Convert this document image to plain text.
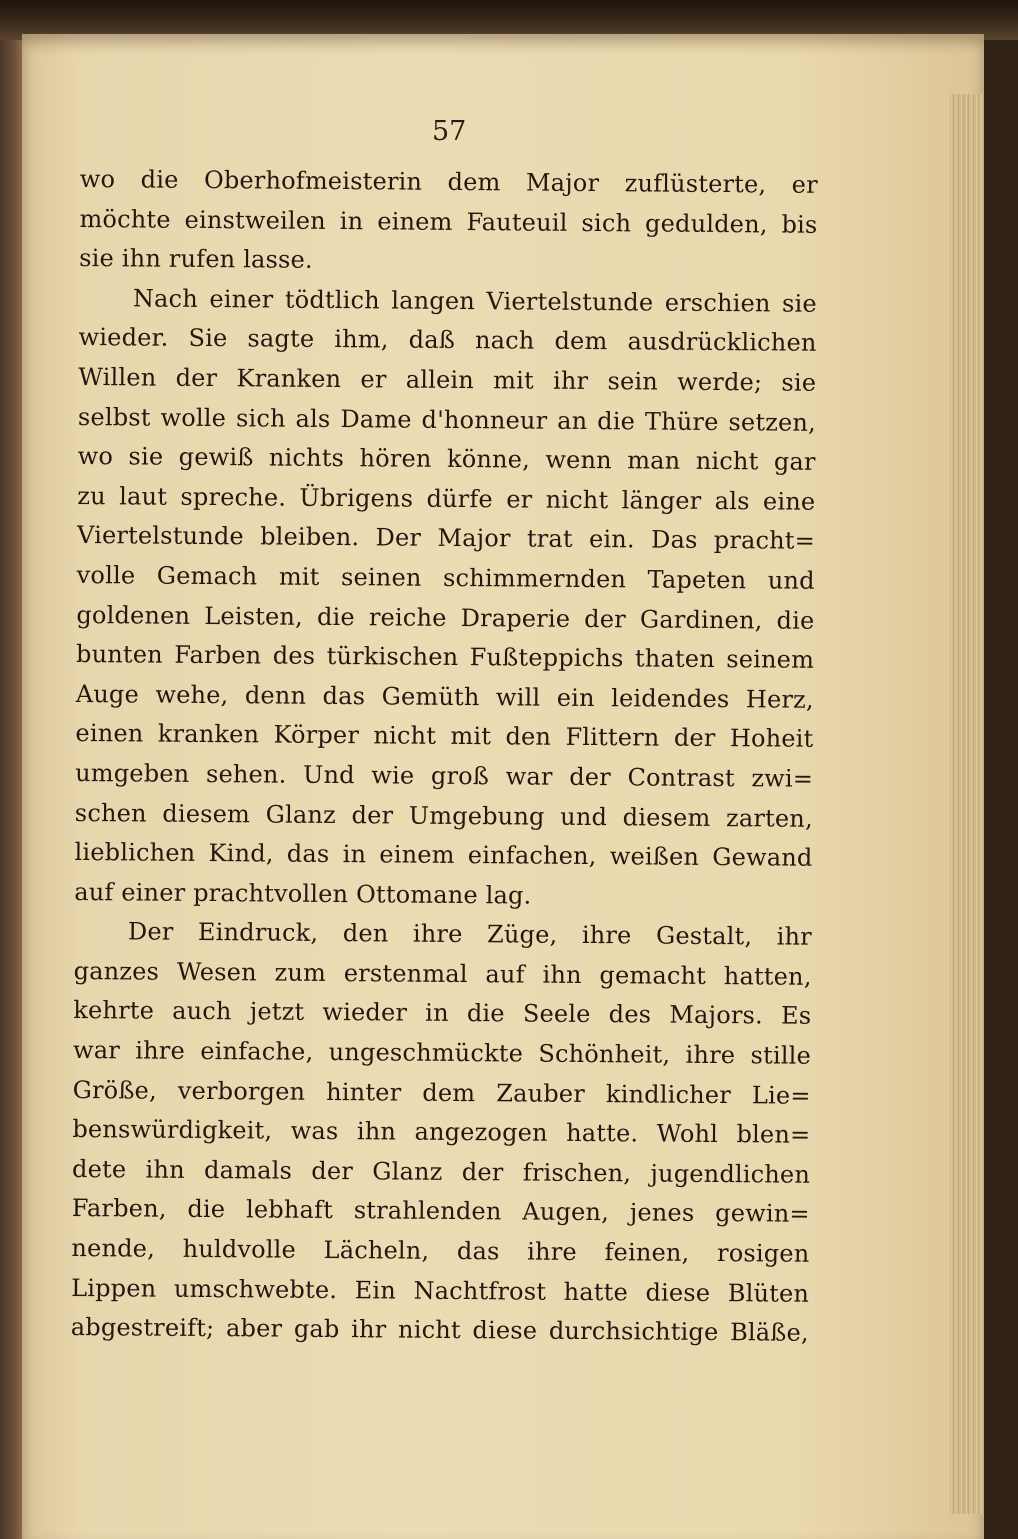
57
wo die Oberhofmeisterin dem Major zuflüsterte, er
möchte einstweilen in einem Fauteuil sich gedulden, bis
sie ihn rufen lasse.
Nach einer tödtlich langen Viertelstunde erschien sie
wieder. Sie sagte ihm, daß nach dem ausdrücklichen
Willen der Kranken er allein mit ihr sein werde; sie
selbst wolle sich als Dame d'honneur an die Thüre setzen,
wo sie gewiß nichts hören könne, wenn man nicht gar
zu laut spreche. Übrigens dürfe er nicht länger als eine
Viertelstunde bleiben. Der Major trat ein. Das pracht=
volle Gemach mit seinen schimmernden Tapeten und
goldenen Leisten, die reiche Draperie der Gardinen, die
bunten Farben des türkischen Fußteppichs thaten seinem
Auge wehe, denn das Gemüth will ein leidendes Herz,
einen kranken Körper nicht mit den Flittern der Hoheit
umgeben sehen. Und wie groß war der Contrast zwi=
schen diesem Glanz der Umgebung und diesem zarten,
lieblichen Kind, das in einem einfachen, weißen Gewand
auf einer prachtvollen Ottomane lag.
Der Eindruck, den ihre Züge, ihre Gestalt, ihr
ganzes Wesen zum erstenmal auf ihn gemacht hatten,
kehrte auch jetzt wieder in die Seele des Majors. Es
war ihre einfache, ungeschmückte Schönheit, ihre stille
Größe, verborgen hinter dem Zauber kindlicher Lie=
benswürdigkeit, was ihn angezogen hatte. Wohl blen=
dete ihn damals der Glanz der frischen, jugendlichen
Farben, die lebhaft strahlenden Augen, jenes gewin=
nende, huldvolle Lächeln, das ihre feinen, rosigen
Lippen umschwebte. Ein Nachtfrost hatte diese Blüten
abgestreift; aber gab ihr nicht diese durchsichtige Bläße,
